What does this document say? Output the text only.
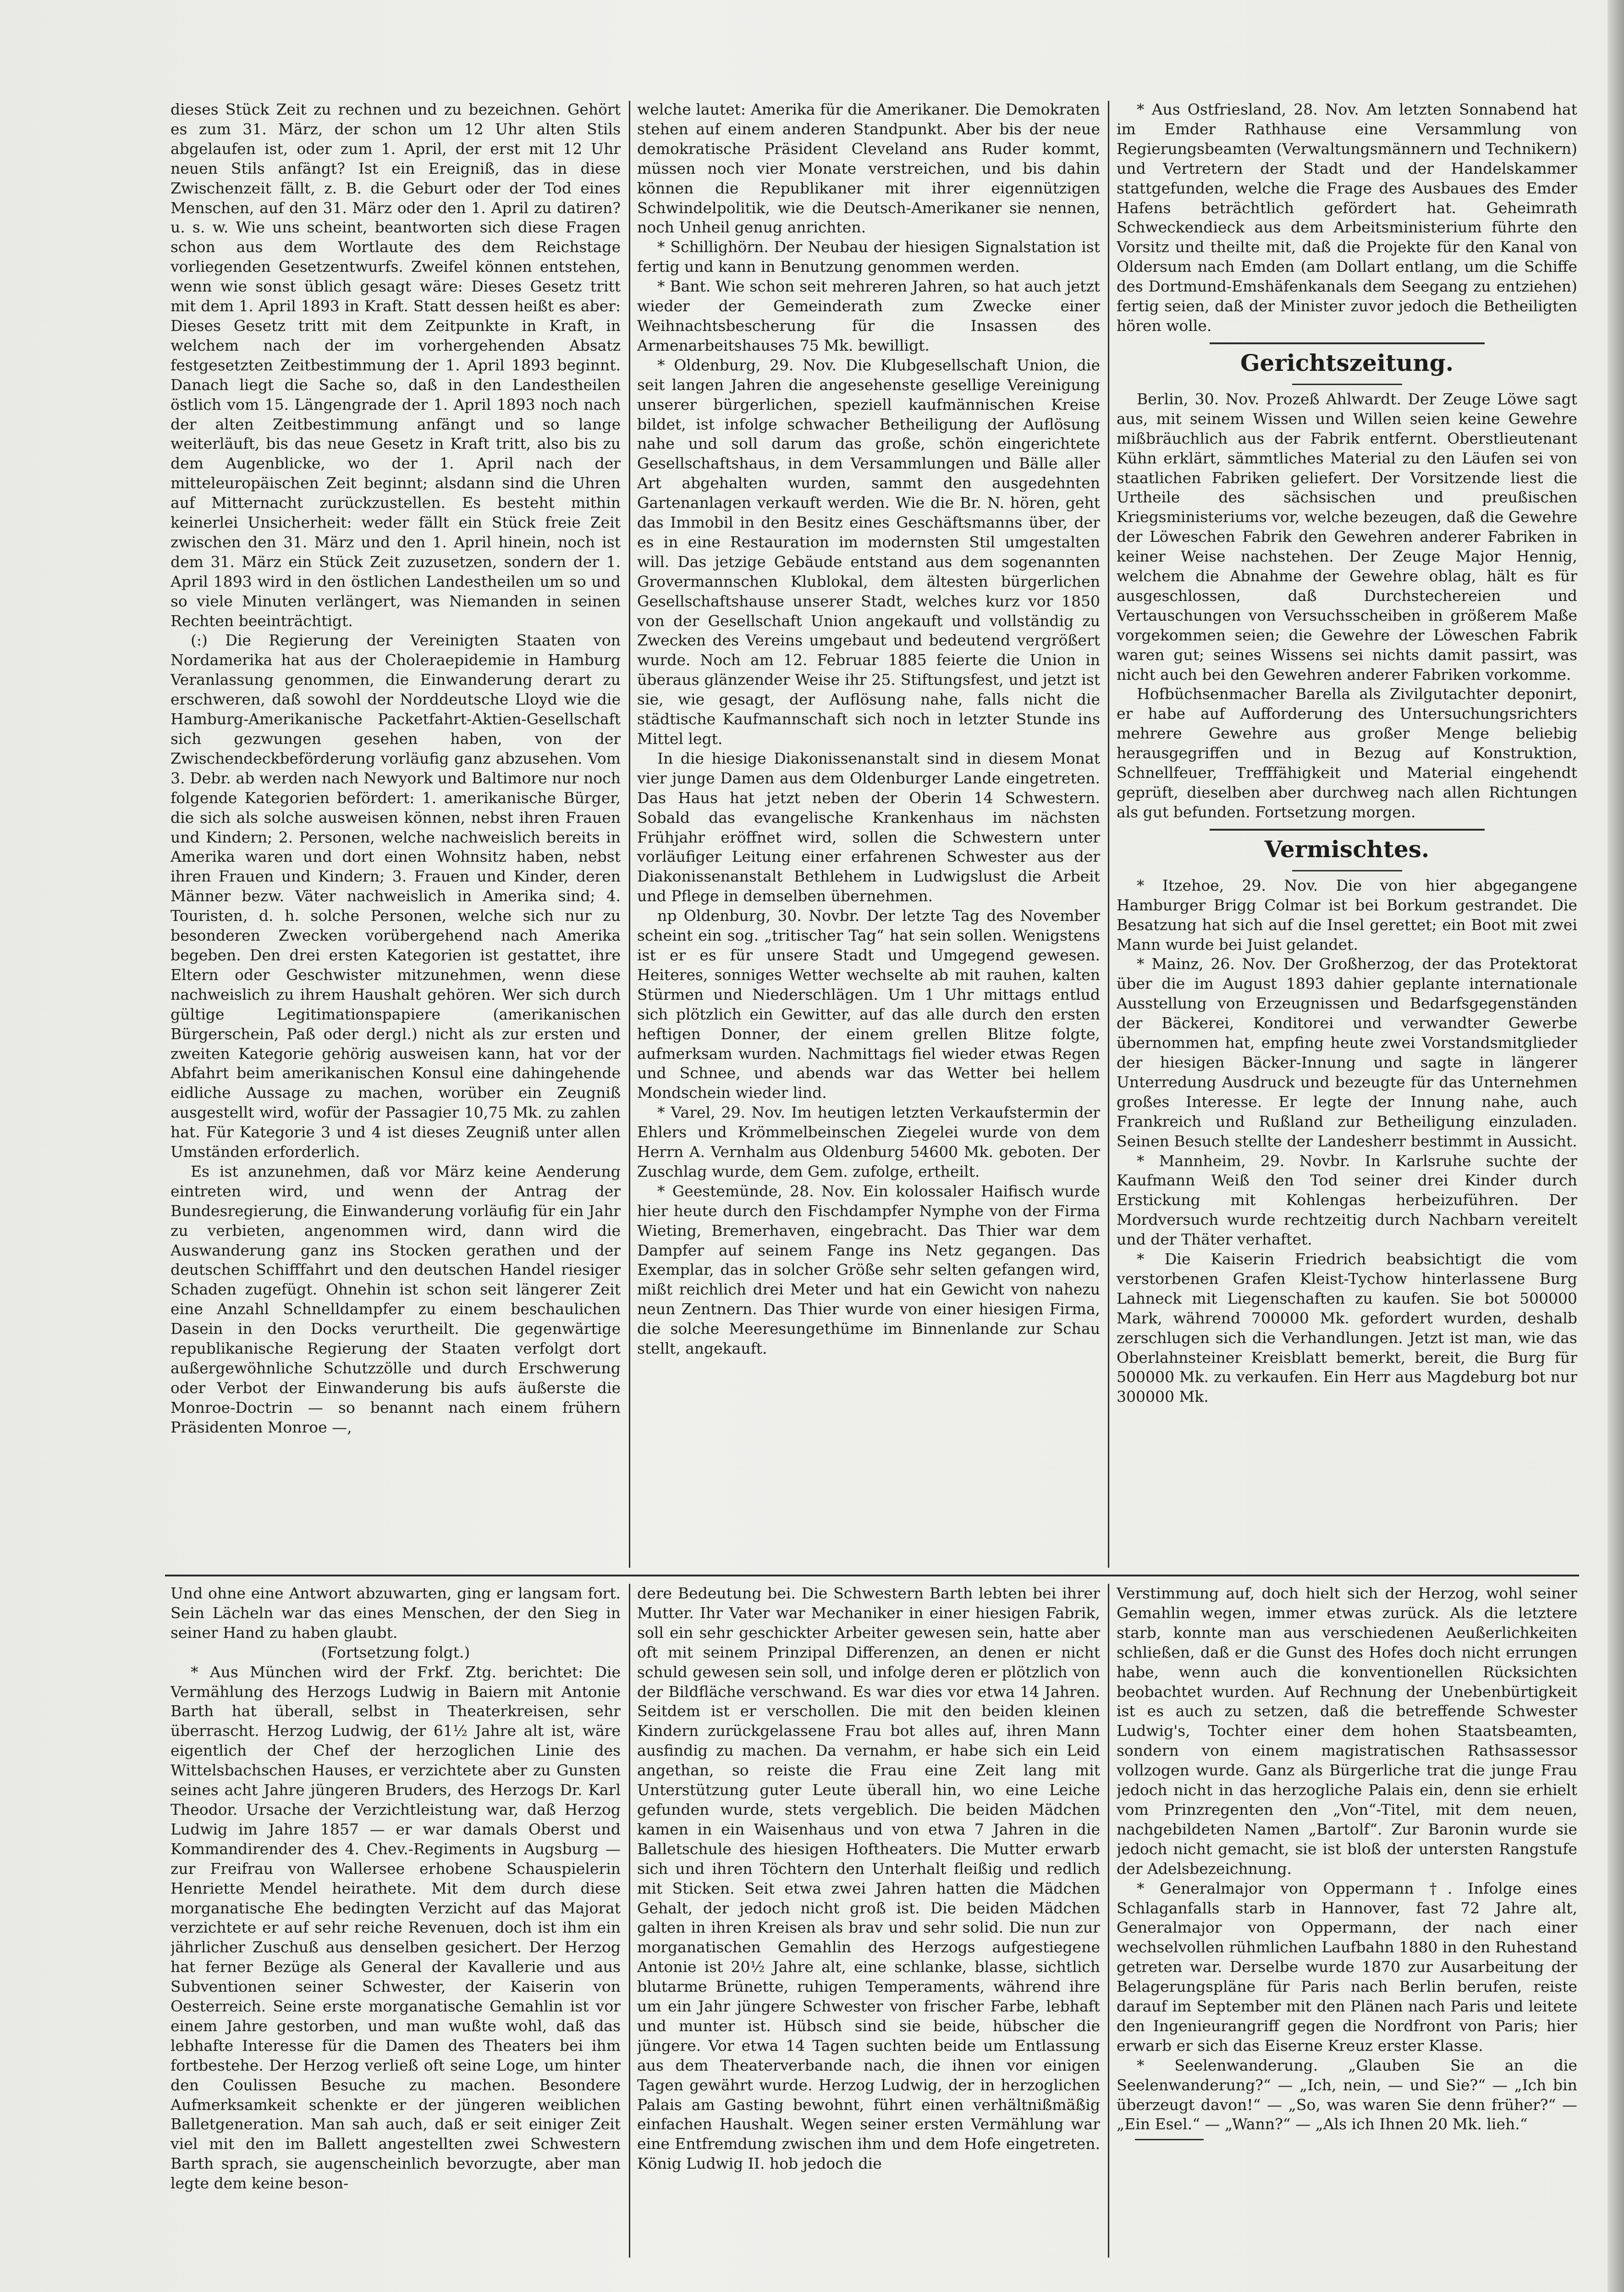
dieses Stück Zeit zu rechnen und zu bezeichnen. Gehört es zum 31. März, der schon um 12 Uhr alten Stils abgelaufen ist, oder zum 1. April, der erst mit 12 Uhr neuen Stils anfängt? Ist ein Ereigniß, das in diese Zwischenzeit fällt, z. B. die Geburt oder der Tod eines Menschen, auf den 31. März oder den 1. April zu datiren? u. s. w. Wie uns scheint, beantworten sich diese Fragen schon aus dem Wortlaute des dem Reichstage vorliegenden Gesetzentwurfs. Zweifel können entstehen, wenn wie sonst üblich gesagt wäre: Dieses Gesetz tritt mit dem 1. April 1893 in Kraft. Statt dessen heißt es aber: Dieses Gesetz tritt mit dem Zeitpunkte in Kraft, in welchem nach der im vorhergehenden Absatz festgesetzten Zeitbestimmung der 1. April 1893 beginnt. Danach liegt die Sache so, daß in den Landestheilen östlich vom 15. Längengrade der 1. April 1893 noch nach der alten Zeitbestimmung anfängt und so lange weiterläuft, bis das neue Gesetz in Kraft tritt, also bis zu dem Augenblicke, wo der 1. April nach der mitteleuropäischen Zeit beginnt; alsdann sind die Uhren auf Mitternacht zurückzustellen. Es besteht mithin keinerlei Unsicherheit: weder fällt ein Stück freie Zeit zwischen den 31. März und den 1. April hinein, noch ist dem 31. März ein Stück Zeit zuzusetzen, sondern der 1. April 1893 wird in den östlichen Landestheilen um so und so viele Minuten verlängert, was Niemanden in seinen Rechten beeinträchtigt.

(:) Die Regierung der Vereinigten Staaten von Nordamerika hat aus der Choleraepidemie in Hamburg Veranlassung genommen, die Einwanderung derart zu erschweren, daß sowohl der Norddeutsche Lloyd wie die Hamburg-Amerikanische Packetfahrt-Aktien-Gesellschaft sich gezwungen gesehen haben, von der Zwischendeckbeförderung vorläufig ganz abzusehen. Vom 3. Debr. ab werden nach Newyork und Baltimore nur noch folgende Kategorien befördert: 1. amerikanische Bürger, die sich als solche ausweisen können, nebst ihren Frauen und Kindern; 2. Personen, welche nachweislich bereits in Amerika waren und dort einen Wohnsitz haben, nebst ihren Frauen und Kindern; 3. Frauen und Kinder, deren Männer bezw. Väter nachweislich in Amerika sind; 4. Touristen, d. h. solche Personen, welche sich nur zu besonderen Zwecken vorübergehend nach Amerika begeben. Den drei ersten Kategorien ist gestattet, ihre Eltern oder Geschwister mitzunehmen, wenn diese nachweislich zu ihrem Haushalt gehören. Wer sich durch gültige Legitimationspapiere (amerikanischen Bürgerschein, Paß oder dergl.) nicht als zur ersten und zweiten Kategorie gehörig ausweisen kann, hat vor der Abfahrt beim amerikanischen Konsul eine dahingehende eidliche Aussage zu machen, worüber ein Zeugniß ausgestellt wird, wofür der Passagier 10,75 Mk. zu zahlen hat. Für Kategorie 3 und 4 ist dieses Zeugniß unter allen Umständen erforderlich.

Es ist anzunehmen, daß vor März keine Aenderung eintreten wird, und wenn der Antrag der Bundesregierung, die Einwanderung vorläufig für ein Jahr zu verbieten, angenommen wird, dann wird die Auswanderung ganz ins Stocken gerathen und der deutschen Schifffahrt und den deutschen Handel riesiger Schaden zugefügt. Ohnehin ist schon seit längerer Zeit eine Anzahl Schnelldampfer zu einem beschaulichen Dasein in den Docks verurtheilt. Die gegenwärtige republikanische Regierung der Staaten verfolgt dort außergewöhnliche Schutzzölle und durch Erschwerung oder Verbot der Einwanderung bis aufs äußerste die Monroe-Doctrin — so benannt nach einem frühern Präsidenten Monroe —,

welche lautet: Amerika für die Amerikaner. Die Demokraten stehen auf einem anderen Standpunkt. Aber bis der neue demokratische Präsident Cleveland ans Ruder kommt, müssen noch vier Monate verstreichen, und bis dahin können die Republikaner mit ihrer eigennützigen Schwindelpolitik, wie die Deutsch-Amerikaner sie nennen, noch Unheil genug anrichten.

* Schillighörn. Der Neubau der hiesigen Signalstation ist fertig und kann in Benutzung genommen werden.

* Bant. Wie schon seit mehreren Jahren, so hat auch jetzt wieder der Gemeinderath zum Zwecke einer Weihnachtsbescherung für die Insassen des Armenarbeitshauses 75 Mk. bewilligt.

* Oldenburg, 29. Nov. Die Klubgesellschaft Union, die seit langen Jahren die angesehenste gesellige Vereinigung unserer bürgerlichen, speziell kaufmännischen Kreise bildet, ist infolge schwacher Betheiligung der Auflösung nahe und soll darum das große, schön eingerichtete Gesellschaftshaus, in dem Versammlungen und Bälle aller Art abgehalten wurden, sammt den ausgedehnten Gartenanlagen verkauft werden. Wie die Br. N. hören, geht das Immobil in den Besitz eines Geschäftsmanns über, der es in eine Restauration im modernsten Stil umgestalten will. Das jetzige Gebäude entstand aus dem sogenannten Grovermannschen Klublokal, dem ältesten bürgerlichen Gesellschaftshause unserer Stadt, welches kurz vor 1850 von der Gesellschaft Union angekauft und vollständig zu Zwecken des Vereins umgebaut und bedeutend vergrößert wurde. Noch am 12. Februar 1885 feierte die Union in überaus glänzender Weise ihr 25. Stiftungsfest, und jetzt ist sie, wie gesagt, der Auflösung nahe, falls nicht die städtische Kaufmannschaft sich noch in letzter Stunde ins Mittel legt.

In die hiesige Diakonissenanstalt sind in diesem Monat vier junge Damen aus dem Oldenburger Lande eingetreten. Das Haus hat jetzt neben der Oberin 14 Schwestern. Sobald das evangelische Krankenhaus im nächsten Frühjahr eröffnet wird, sollen die Schwestern unter vorläufiger Leitung einer erfahrenen Schwester aus der Diakonissenanstalt Bethlehem in Ludwigslust die Arbeit und Pflege in demselben übernehmen.

np Oldenburg, 30. Novbr. Der letzte Tag des November scheint ein sog. „tritischer Tag“ hat sein sollen. Wenigstens ist er es für unsere Stadt und Umgegend gewesen. Heiteres, sonniges Wetter wechselte ab mit rauhen, kalten Stürmen und Niederschlägen. Um 1 Uhr mittags entlud sich plötzlich ein Gewitter, auf das alle durch den ersten heftigen Donner, der einem grellen Blitze folgte, aufmerksam wurden. Nachmittags fiel wieder etwas Regen und Schnee, und abends war das Wetter bei hellem Mondschein wieder lind.

* Varel, 29. Nov. Im heutigen letzten Verkaufstermin der Ehlers und Krömmelbeinschen Ziegelei wurde von dem Herrn A. Vernhalm aus Oldenburg 54600 Mk. geboten. Der Zuschlag wurde, dem Gem. zufolge, ertheilt.

* Geestemünde, 28. Nov. Ein kolossaler Haifisch wurde hier heute durch den Fischdampfer Nymphe von der Firma Wieting, Bremerhaven, eingebracht. Das Thier war dem Dampfer auf seinem Fange ins Netz gegangen. Das Exemplar, das in solcher Größe sehr selten gefangen wird, mißt reichlich drei Meter und hat ein Gewicht von nahezu neun Zentnern. Das Thier wurde von einer hiesigen Firma, die solche Meeresungethüme im Binnenlande zur Schau stellt, angekauft.

* Aus Ostfriesland, 28. Nov. Am letzten Sonnabend hat im Emder Rathhause eine Versammlung von Regierungsbeamten (Verwaltungsmännern und Technikern) und Vertretern der Stadt und der Handelskammer stattgefunden, welche die Frage des Ausbaues des Emder Hafens beträchtlich gefördert hat. Geheimrath Schweckendieck aus dem Arbeitsministerium führte den Vorsitz und theilte mit, daß die Projekte für den Kanal von Oldersum nach Emden (am Dollart entlang, um die Schiffe des Dortmund-Emshäfenkanals dem Seegang zu entziehen) fertig seien, daß der Minister zuvor jedoch die Betheiligten hören wolle.

Gerichtszeitung.

Berlin, 30. Nov. Prozeß Ahlwardt. Der Zeuge Löwe sagt aus, mit seinem Wissen und Willen seien keine Gewehre mißbräuchlich aus der Fabrik entfernt. Oberstlieutenant Kühn erklärt, sämmtliches Material zu den Läufen sei von staatlichen Fabriken geliefert. Der Vorsitzende liest die Urtheile des sächsischen und preußischen Kriegsministeriums vor, welche bezeugen, daß die Gewehre der Löweschen Fabrik den Gewehren anderer Fabriken in keiner Weise nachstehen. Der Zeuge Major Hennig, welchem die Abnahme der Gewehre oblag, hält es für ausgeschlossen, daß Durchstechereien und Vertauschungen von Versuchsscheiben in größerem Maße vorgekommen seien; die Gewehre der Löweschen Fabrik waren gut; seines Wissens sei nichts damit passirt, was nicht auch bei den Gewehren anderer Fabriken vorkomme.

Hofbüchsenmacher Barella als Zivilgutachter deponirt, er habe auf Aufforderung des Untersuchungsrichters mehrere Gewehre aus großer Menge beliebig herausgegriffen und in Bezug auf Konstruktion, Schnellfeuer, Trefffähigkeit und Material eingehendt geprüft, dieselben aber durchweg nach allen Richtungen als gut befunden. Fortsetzung morgen.

Vermischtes.

* Itzehoe, 29. Nov. Die von hier abgegangene Hamburger Brigg Colmar ist bei Borkum gestrandet. Die Besatzung hat sich auf die Insel gerettet; ein Boot mit zwei Mann wurde bei Juist gelandet.

* Mainz, 26. Nov. Der Großherzog, der das Protektorat über die im August 1893 dahier geplante internationale Ausstellung von Erzeugnissen und Bedarfsgegenständen der Bäckerei, Konditorei und verwandter Gewerbe übernommen hat, empfing heute zwei Vorstandsmitglieder der hiesigen Bäcker-Innung und sagte in längerer Unterredung Ausdruck und bezeugte für das Unternehmen großes Interesse. Er legte der Innung nahe, auch Frankreich und Rußland zur Betheiligung einzuladen. Seinen Besuch stellte der Landesherr bestimmt in Aussicht.

* Mannheim, 29. Novbr. In Karlsruhe suchte der Kaufmann Weiß den Tod seiner drei Kinder durch Erstickung mit Kohlengas herbeizuführen. Der Mordversuch wurde rechtzeitig durch Nachbarn vereitelt und der Thäter verhaftet.

* Die Kaiserin Friedrich beabsichtigt die vom verstorbenen Grafen Kleist-Tychow hinterlassene Burg Lahneck mit Liegenschaften zu kaufen. Sie bot 500000 Mark, während 700000 Mk. gefordert wurden, deshalb zerschlugen sich die Verhandlungen. Jetzt ist man, wie das Oberlahnsteiner Kreisblatt bemerkt, bereit, die Burg für 500000 Mk. zu verkaufen. Ein Herr aus Magdeburg bot nur 300000 Mk.

Und ohne eine Antwort abzuwarten, ging er langsam fort. Sein Lächeln war das eines Menschen, der den Sieg in seiner Hand zu haben glaubt.

(Fortsetzung folgt.)

* Aus München wird der Frkf. Ztg. berichtet: Die Vermählung des Herzogs Ludwig in Baiern mit Antonie Barth hat überall, selbst in Theaterkreisen, sehr überrascht. Herzog Ludwig, der 61½ Jahre alt ist, wäre eigentlich der Chef der herzoglichen Linie des Wittelsbachschen Hauses, er verzichtete aber zu Gunsten seines acht Jahre jüngeren Bruders, des Herzogs Dr. Karl Theodor. Ursache der Verzichtleistung war, daß Herzog Ludwig im Jahre 1857 — er war damals Oberst und Kommandirender des 4. Chev.-Regiments in Augsburg — zur Freifrau von Wallersee erhobene Schauspielerin Henriette Mendel heirathete. Mit dem durch diese morganatische Ehe bedingten Verzicht auf das Majorat verzichtete er auf sehr reiche Revenuen, doch ist ihm ein jährlicher Zuschuß aus denselben gesichert. Der Herzog hat ferner Bezüge als General der Kavallerie und aus Subventionen seiner Schwester, der Kaiserin von Oesterreich. Seine erste morganatische Gemahlin ist vor einem Jahre gestorben, und man wußte wohl, daß das lebhafte Interesse für die Damen des Theaters bei ihm fortbestehe. Der Herzog verließ oft seine Loge, um hinter den Coulissen Besuche zu machen. Besondere Aufmerksamkeit schenkte er der jüngeren weiblichen Balletgeneration. Man sah auch, daß er seit einiger Zeit viel mit den im Ballett angestellten zwei Schwestern Barth sprach, sie augenscheinlich bevorzugte, aber man legte dem keine beson-

dere Bedeutung bei. Die Schwestern Barth lebten bei ihrer Mutter. Ihr Vater war Mechaniker in einer hiesigen Fabrik, soll ein sehr geschickter Arbeiter gewesen sein, hatte aber oft mit seinem Prinzipal Differenzen, an denen er nicht schuld gewesen sein soll, und infolge deren er plötzlich von der Bildfläche verschwand. Es war dies vor etwa 14 Jahren. Seitdem ist er verschollen. Die mit den beiden kleinen Kindern zurückgelassene Frau bot alles auf, ihren Mann ausfindig zu machen. Da vernahm, er habe sich ein Leid angethan, so reiste die Frau eine Zeit lang mit Unterstützung guter Leute überall hin, wo eine Leiche gefunden wurde, stets vergeblich. Die beiden Mädchen kamen in ein Waisenhaus und von etwa 7 Jahren in die Balletschule des hiesigen Hoftheaters. Die Mutter erwarb sich und ihren Töchtern den Unterhalt fleißig und redlich mit Sticken. Seit etwa zwei Jahren hatten die Mädchen Gehalt, der jedoch nicht groß ist. Die beiden Mädchen galten in ihren Kreisen als brav und sehr solid. Die nun zur morganatischen Gemahlin des Herzogs aufgestiegene Antonie ist 20½ Jahre alt, eine schlanke, blasse, sichtlich blutarme Brünette, ruhigen Temperaments, während ihre um ein Jahr jüngere Schwester von frischer Farbe, lebhaft und munter ist. Hübsch sind sie beide, hübscher die jüngere. Vor etwa 14 Tagen suchten beide um Entlassung aus dem Theaterverbande nach, die ihnen vor einigen Tagen gewährt wurde. Herzog Ludwig, der in herzoglichen Palais am Gasting bewohnt, führt einen verhältnißmäßig einfachen Haushalt. Wegen seiner ersten Vermählung war eine Entfremdung zwischen ihm und dem Hofe eingetreten. König Ludwig II. hob jedoch die

Verstimmung auf, doch hielt sich der Herzog, wohl seiner Gemahlin wegen, immer etwas zurück. Als die letztere starb, konnte man aus verschiedenen Aeußerlichkeiten schließen, daß er die Gunst des Hofes doch nicht errungen habe, wenn auch die konventionellen Rücksichten beobachtet wurden. Auf Rechnung der Unebenbürtigkeit ist es auch zu setzen, daß die betreffende Schwester Ludwig's, Tochter einer dem hohen Staatsbeamten, sondern von einem magistratischen Rathsassessor vollzogen wurde. Ganz als Bürgerliche trat die junge Frau jedoch nicht in das herzogliche Palais ein, denn sie erhielt vom Prinzregenten den „Von“-Titel, mit dem neuen, nachgebildeten Namen „Bartolf“. Zur Baronin wurde sie jedoch nicht gemacht, sie ist bloß der untersten Rangstufe der Adelsbezeichnung.

* Generalmajor von Oppermann †. Infolge eines Schlaganfalls starb in Hannover, fast 72 Jahre alt, Generalmajor von Oppermann, der nach einer wechselvollen rühmlichen Laufbahn 1880 in den Ruhestand getreten war. Derselbe wurde 1870 zur Ausarbeitung der Belagerungspläne für Paris nach Berlin berufen, reiste darauf im September mit den Plänen nach Paris und leitete den Ingenieurangriff gegen die Nordfront von Paris; hier erwarb er sich das Eiserne Kreuz erster Klasse.

* Seelenwanderung. „Glauben Sie an die Seelenwanderung?“ — „Ich, nein, — und Sie?“ — „Ich bin überzeugt davon!“ — „So, was waren Sie denn früher?“ — „Ein Esel.“ — „Wann?“ — „Als ich Ihnen 20 Mk. lieh.“
